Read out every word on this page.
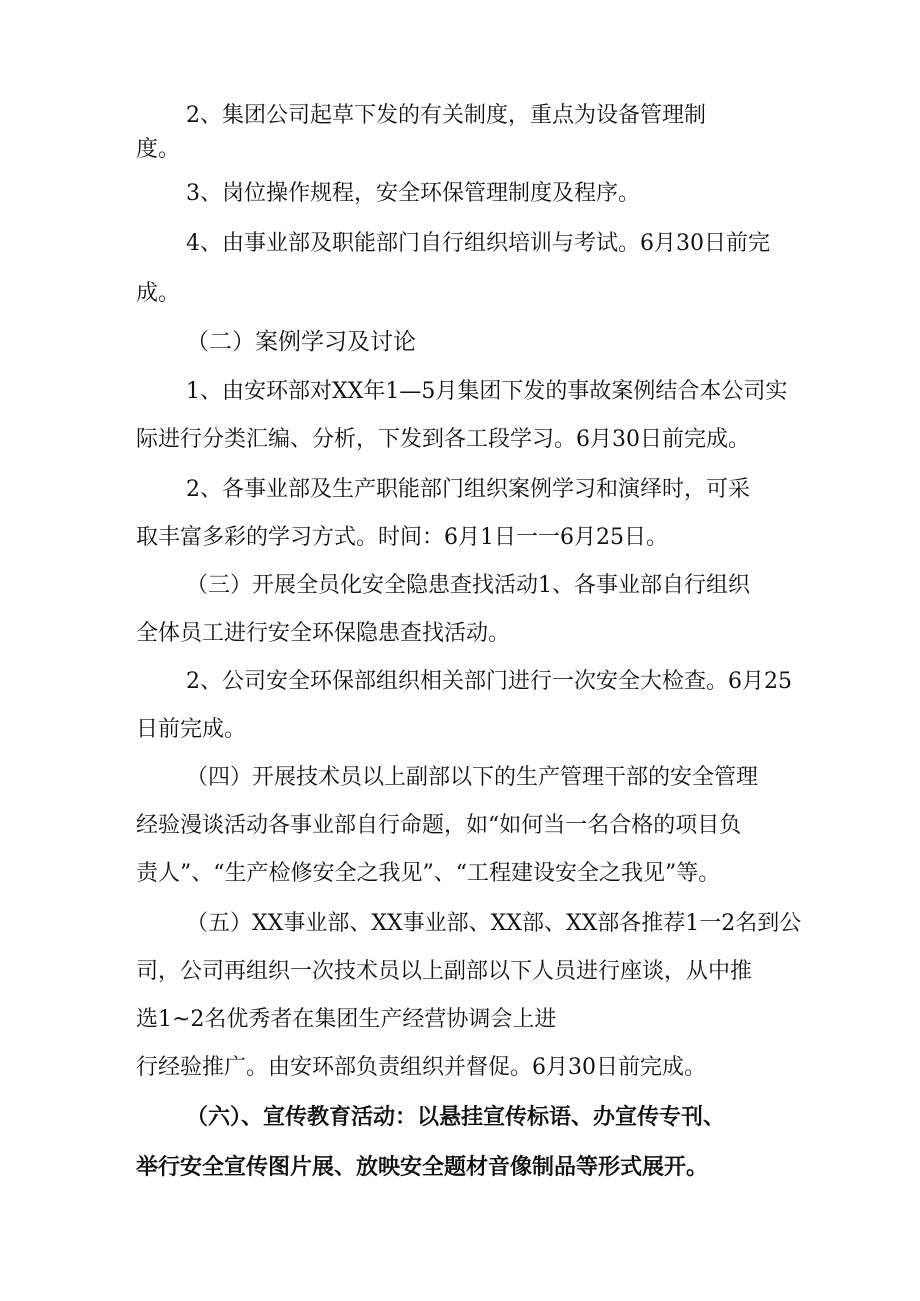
2、集团公司起草下发的有关制度，重点为设备管理制
度。
3、岗位操作规程，安全环保管理制度及程序。
4、由事业部及职能部门自行组织培训与考试。6月30日前完
成。
（二）案例学习及讨论
1、由安环部对XX年1—5月集团下发的事故案例结合本公司实
际进行分类汇编、分析，下发到各工段学习。6月30日前完成。
2、各事业部及生产职能部门组织案例学习和演绎时，可采
取丰富多彩的学习方式。时间：6月1日一一6月25日。
（三）开展全员化安全隐患查找活动1、各事业部自行组织
全体员工进行安全环保隐患查找活动。
2、公司安全环保部组织相关部门进行一次安全大检查。6月25
日前完成。
（四）开展技术员以上副部以下的生产管理干部的安全管理
经验漫谈活动各事业部自行命题，如“如何当一名合格的项目负
责人”、“生产检修安全之我见”、“工程建设安全之我见”等。
（五）XX事业部、XX事业部、XX部、XX部各推荐1一2名到公
司，公司再组织一次技术员以上副部以下人员进行座谈，从中推
选1~2名优秀者在集团生产经营协调会上进
行经验推广。由安环部负责组织并督促。6月30日前完成。
（六）、宣传教育活动：以悬挂宣传标语、办宣传专刊、
举行安全宣传图片展、放映安全题材音像制品等形式展开。
